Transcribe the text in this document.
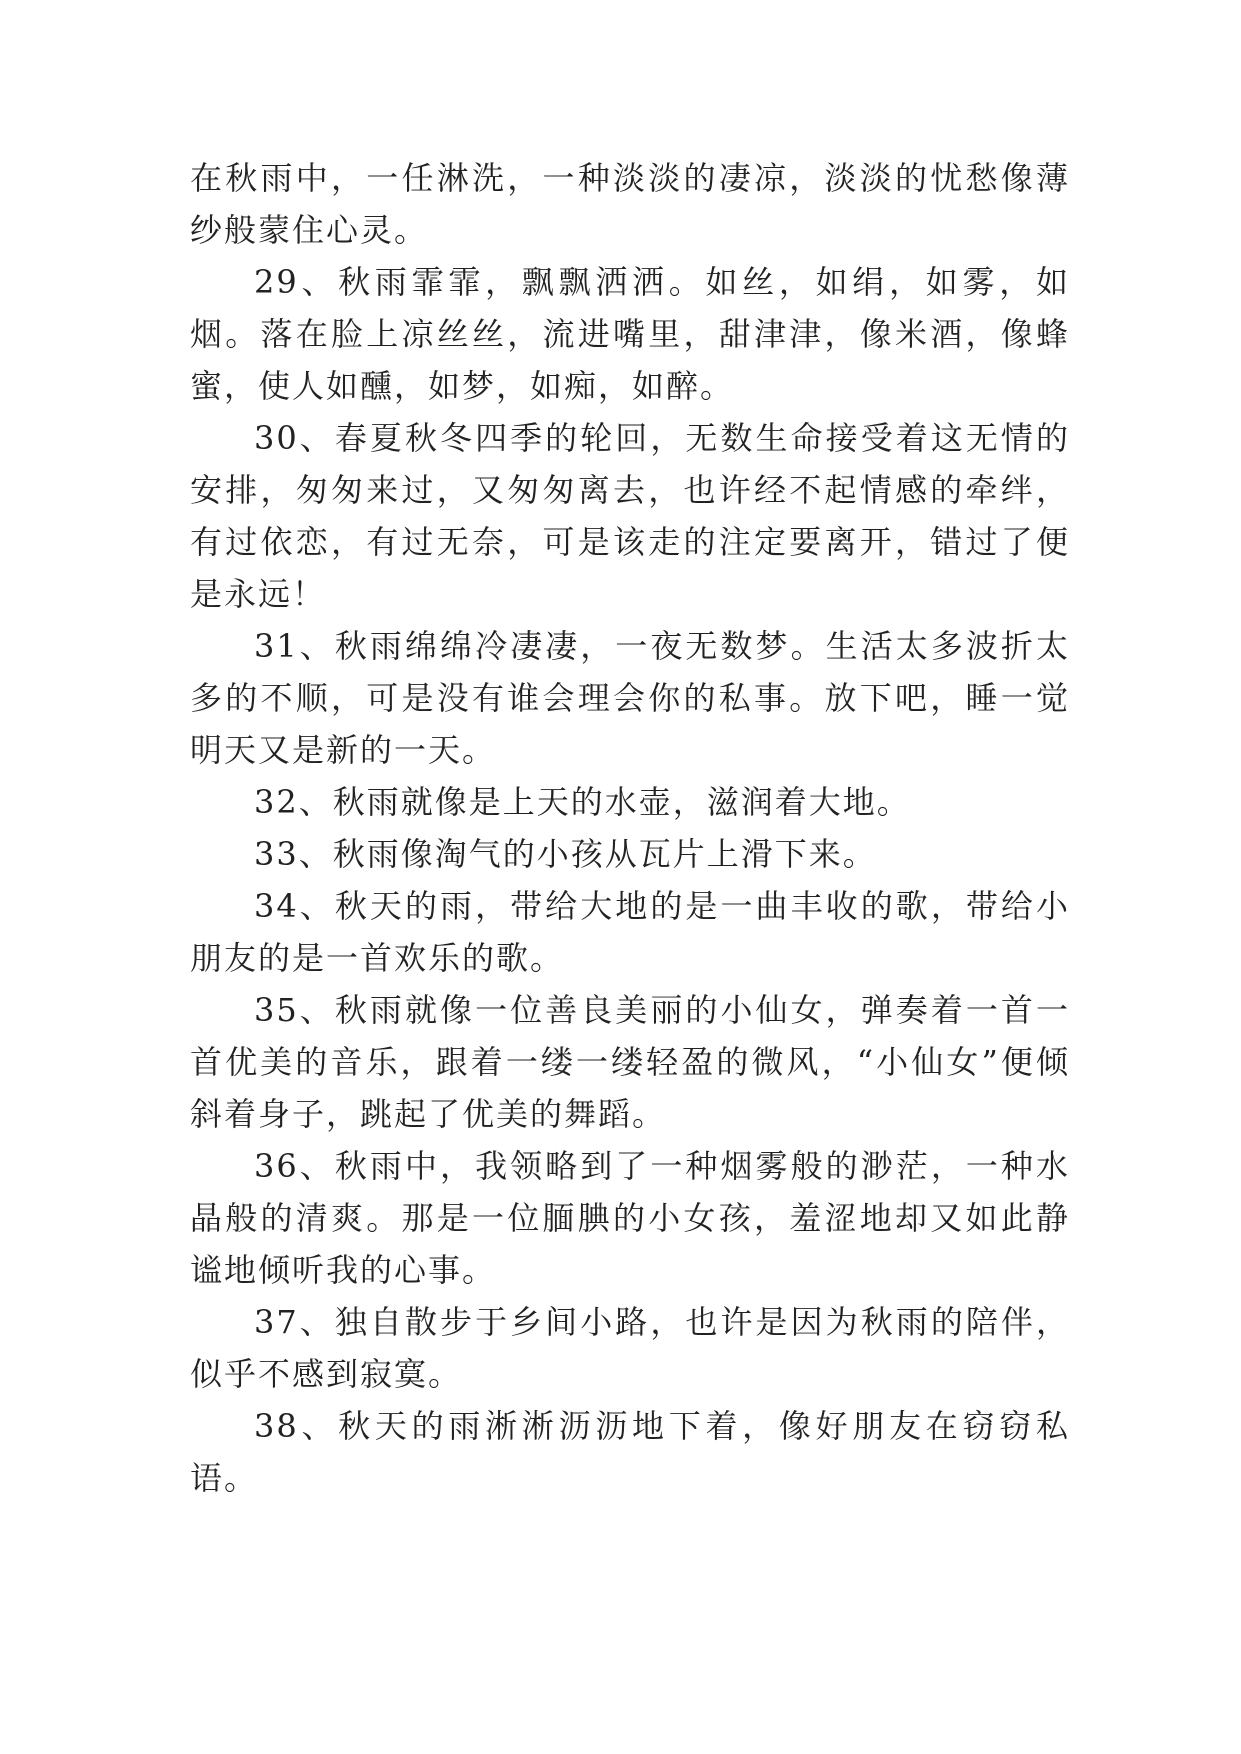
在秋雨中，一任淋洗，一种淡淡的凄凉，淡淡的忧愁像薄纱般蒙住心灵。

29、秋雨霏霏，飘飘洒洒。如丝，如绢，如雾，如烟。落在脸上凉丝丝，流进嘴里，甜津津，像米酒，像蜂蜜，使人如醺，如梦，如痴，如醉。

30、春夏秋冬四季的轮回，无数生命接受着这无情的安排，匆匆来过，又匆匆离去，也许经不起情感的牵绊，有过依恋，有过无奈，可是该走的注定要离开，错过了便是永远！

31、秋雨绵绵冷凄凄，一夜无数梦。生活太多波折太多的不顺，可是没有谁会理会你的私事。放下吧，睡一觉明天又是新的一天。

32、秋雨就像是上天的水壶，滋润着大地。

33、秋雨像淘气的小孩从瓦片上滑下来。

34、秋天的雨，带给大地的是一曲丰收的歌，带给小朋友的是一首欢乐的歌。

35、秋雨就像一位善良美丽的小仙女，弹奏着一首一首优美的音乐，跟着一缕一缕轻盈的微风，“小仙女”便倾斜着身子，跳起了优美的舞蹈。

36、秋雨中，我领略到了一种烟雾般的渺茫，一种水晶般的清爽。那是一位腼腆的小女孩，羞涩地却又如此静谧地倾听我的心事。

37、独自散步于乡间小路，也许是因为秋雨的陪伴，似乎不感到寂寞。

38、秋天的雨淅淅沥沥地下着，像好朋友在窃窃私语。
